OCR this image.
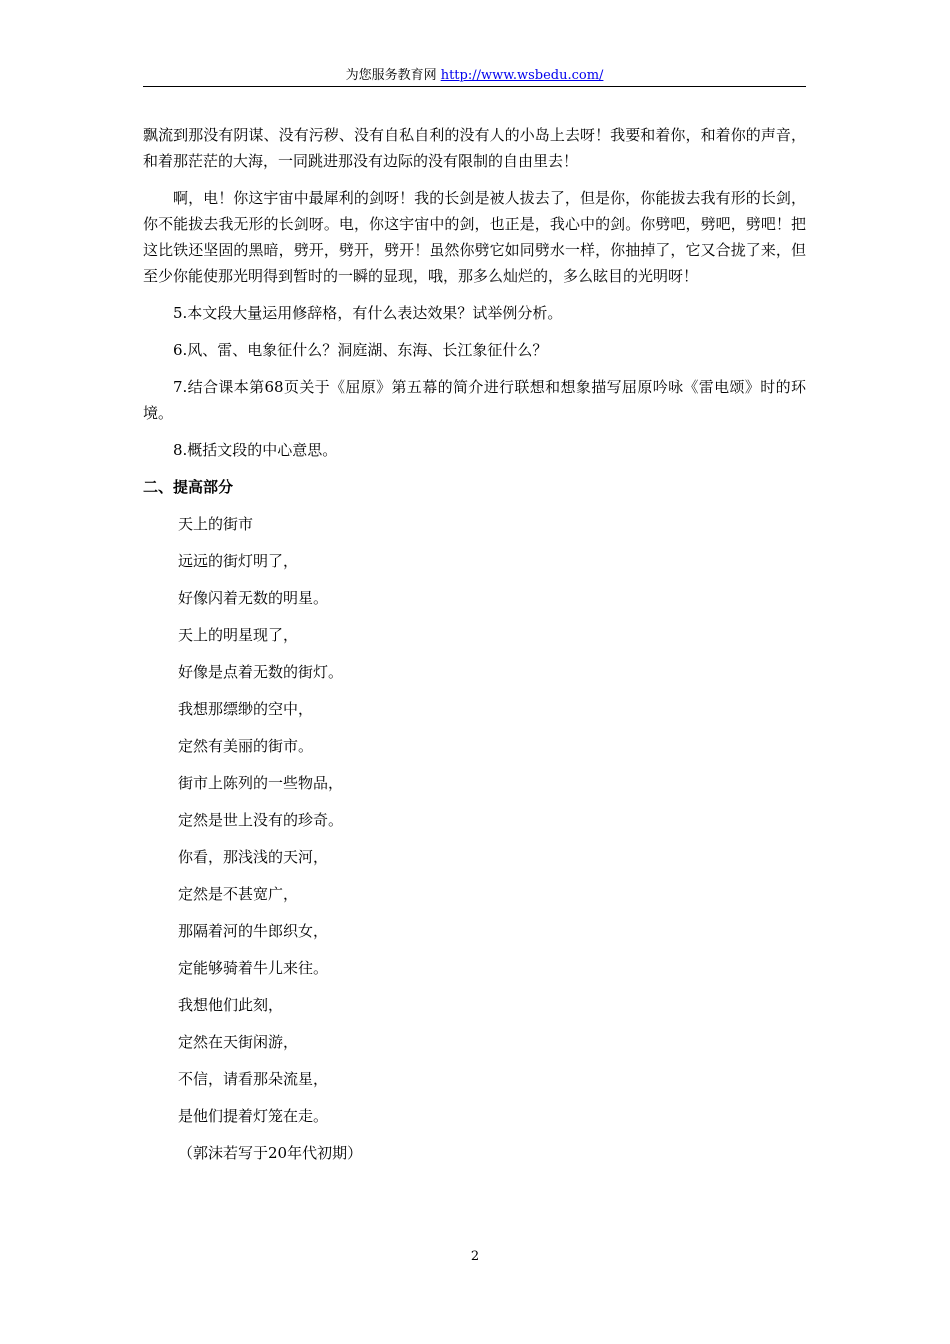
为您服务教育网 http://www.wsbedu.com/

飘流到那没有阴谋、没有污秽、没有自私自利的没有人的小岛上去呀！我要和着你，和着你的声音，和着那茫茫的大海，一同跳进那没有边际的没有限制的自由里去！

啊，电！你这宇宙中最犀利的剑呀！我的长剑是被人拔去了，但是你，你能拔去我有形的长剑，你不能拔去我无形的长剑呀。电，你这宇宙中的剑，也正是，我心中的剑。你劈吧，劈吧，劈吧！把这比铁还坚固的黑暗，劈开，劈开，劈开！虽然你劈它如同劈水一样，你抽掉了，它又合拢了来，但至少你能使那光明得到暂时的一瞬的显现，哦，那多么灿烂的，多么眩目的光明呀！

5.本文段大量运用修辞格，有什么表达效果？试举例分析。

6.风、雷、电象征什么？洞庭湖、东海、长江象征什么？

7.结合课本第68页关于《屈原》第五幕的简介进行联想和想象描写屈原吟咏《雷电颂》时的环境。

8.概括文段的中心意思。

二、提高部分

天上的街市

远远的街灯明了，

好像闪着无数的明星。

天上的明星现了，

好像是点着无数的街灯。

我想那缥缈的空中，

定然有美丽的街市。

街市上陈列的一些物品，

定然是世上没有的珍奇。

你看，那浅浅的天河，

定然是不甚宽广，

那隔着河的牛郎织女，

定能够骑着牛儿来往。

我想他们此刻，

定然在天街闲游，

不信，请看那朵流星，

是他们提着灯笼在走。

（郭沫若写于20年代初期）

2
